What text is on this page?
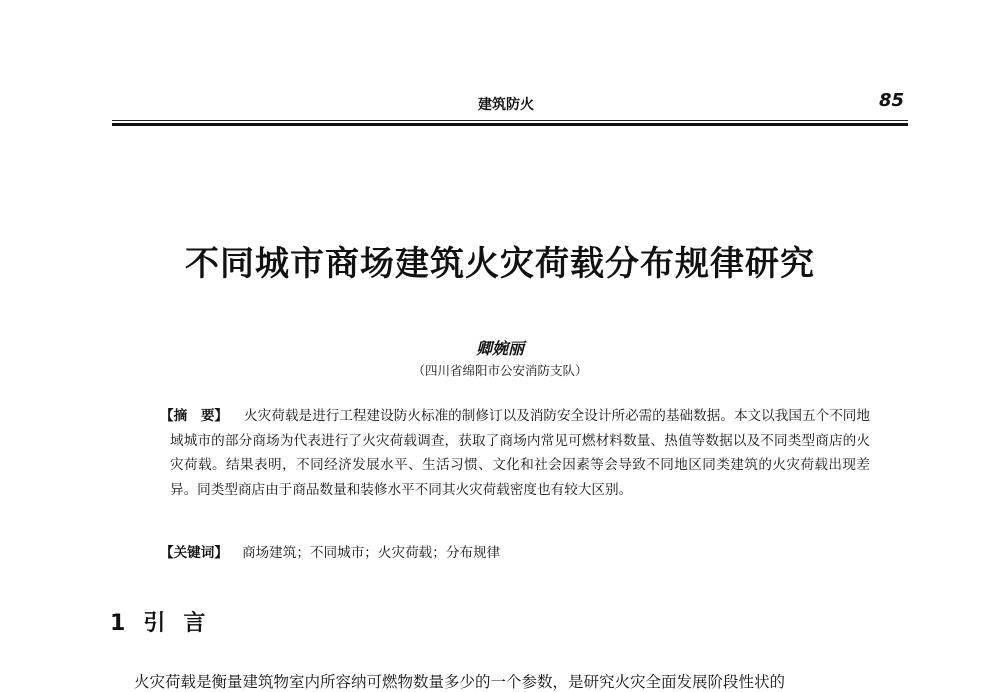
建筑防火	85
不同城市商场建筑火灾荷载分布规律研究
卿婉丽
（四川省绵阳市公安消防支队）

【摘　要】 火灾荷载是进行工程建设防火标准的制修订以及消防安全设计所必需的基础数据。本文以我国五个不同地域城市的部分商场为代表进行了火灾荷载调查，获取了商场内常见可燃材料数量、热值等数据以及不同类型商店的火灾荷载。结果表明，不同经济发展水平、生活习惯、文化和社会因素等会导致不同地区同类建筑的火灾荷载出现差异。同类型商店由于商品数量和装修水平不同其火灾荷载密度也有较大区别。

【关键词】 商场建筑；不同城市；火灾荷载；分布规律
1 引言
火灾荷载是衡量建筑物室内所容纳可燃物数量多少的一个参数，是研究火灾全面发展阶段性状的
